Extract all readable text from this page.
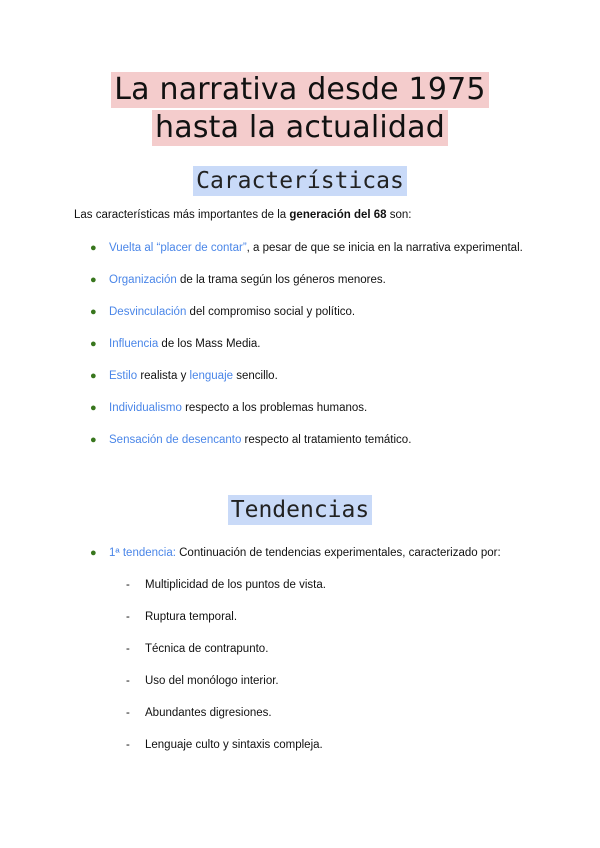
La narrativa desde 1975
hasta la actualidad
Características
Las características más importantes de la generación del 68 son:
● Vuelta al “placer de contar”, a pesar de que se inicia en la narrativa experimental.
● Organización de la trama según los géneros menores.
● Desvinculación del compromiso social y político.
● Influencia de los Mass Media.
● Estilo realista y lenguaje sencillo.
● Individualismo respecto a los problemas humanos.
● Sensación de desencanto respecto al tratamiento temático.
Tendencias
● 1ª tendencia: Continuación de tendencias experimentales, caracterizado por:
- Multiplicidad de los puntos de vista.
- Ruptura temporal.
- Técnica de contrapunto.
- Uso del monólogo interior.
- Abundantes digresiones.
- Lenguaje culto y sintaxis compleja.
